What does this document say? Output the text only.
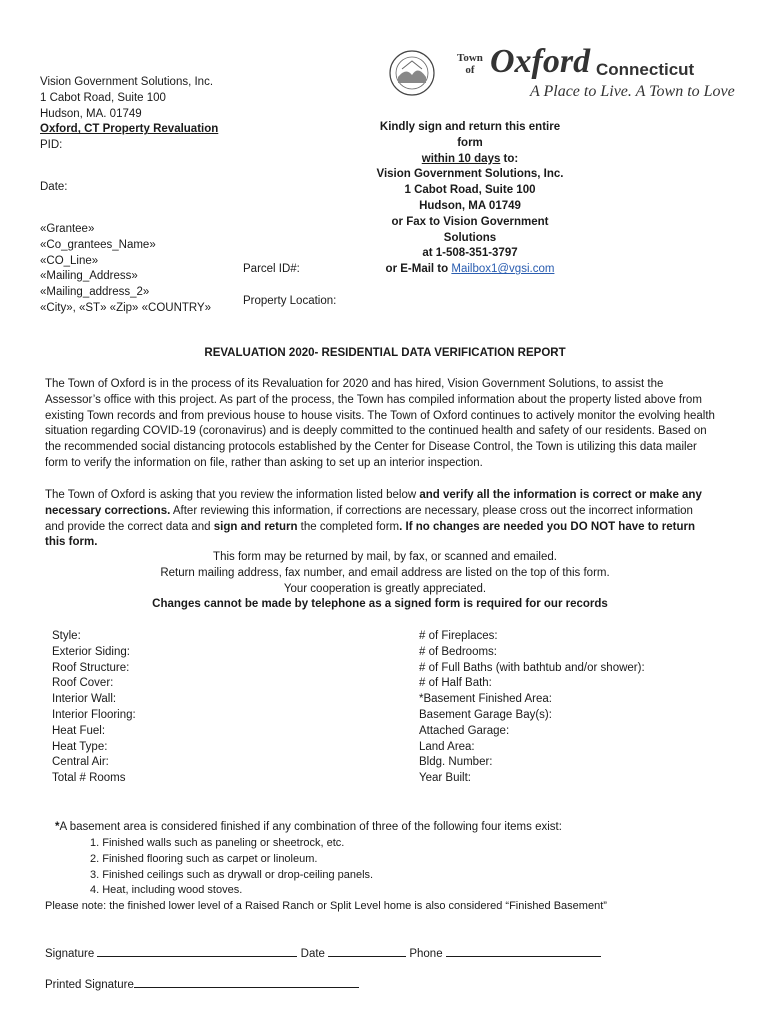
Town
of Oxford Connecticut
A Place to Live. A Town to Love
Vision Government Solutions, Inc.
1 Cabot Road, Suite 100
Hudson, MA. 01749
Oxford, CT Property Revaluation
PID:
Date:
Kindly sign and return this entire form
within 10 days to:
Vision Government Solutions, Inc.
1 Cabot Road, Suite 100
Hudson, MA 01749
or Fax to Vision Government Solutions
at 1-508-351-3797
or E-Mail to Mailbox1@vgsi.com
«Grantee»
«Co_grantees_Name»
«CO_Line»
«Mailing_Address»
«Mailing_address_2»
«City», «ST» «Zip» «COUNTRY»
Parcel ID#:
Property Location:
REVALUATION 2020- RESIDENTIAL DATA VERIFICATION REPORT
The Town of Oxford is in the process of its Revaluation for 2020 and has hired, Vision Government Solutions, to assist the Assessor’s office with this project. As part of the process, the Town has compiled information about the property listed above from existing Town records and from previous house to house visits. The Town of Oxford continues to actively monitor the evolving health situation regarding COVID-19 (coronavirus) and is deeply committed to the continued health and safety of our residents. Based on the recommended social distancing protocols established by the Center for Disease Control, the Town is utilizing this data mailer form to verify the information on file, rather than asking to set up an interior inspection.
The Town of Oxford is asking that you review the information listed below and verify all the information is correct or make any necessary corrections. After reviewing this information, if corrections are necessary, please cross out the incorrect information and provide the correct data and sign and return the completed form. If no changes are needed you DO NOT have to return this form.
This form may be returned by mail, by fax, or scanned and emailed.
Return mailing address, fax number, and email address are listed on the top of this form.
Your cooperation is greatly appreciated.
Changes cannot be made by telephone as a signed form is required for our records
Style:
Exterior Siding:
Roof Structure:
Roof Cover:
Interior Wall:
Interior Flooring:
Heat Fuel:
Heat Type:
Central Air:
Total # Rooms
# of Fireplaces:
# of Bedrooms:
# of Full Baths (with bathtub and/or shower):
# of Half Bath:
*Basement Finished Area:
Basement Garage Bay(s):
Attached Garage:
Land Area:
Bldg. Number:
Year Built:
*A basement area is considered finished if any combination of three of the following four items exist:
1. Finished walls such as paneling or sheetrock, etc.
2. Finished flooring such as carpet or linoleum.
3. Finished ceilings such as drywall or drop-ceiling panels.
4. Heat, including wood stoves.
Please note: the finished lower level of a Raised Ranch or Split Level home is also considered “Finished Basement”
Signature	Date	Phone
Printed Signature
